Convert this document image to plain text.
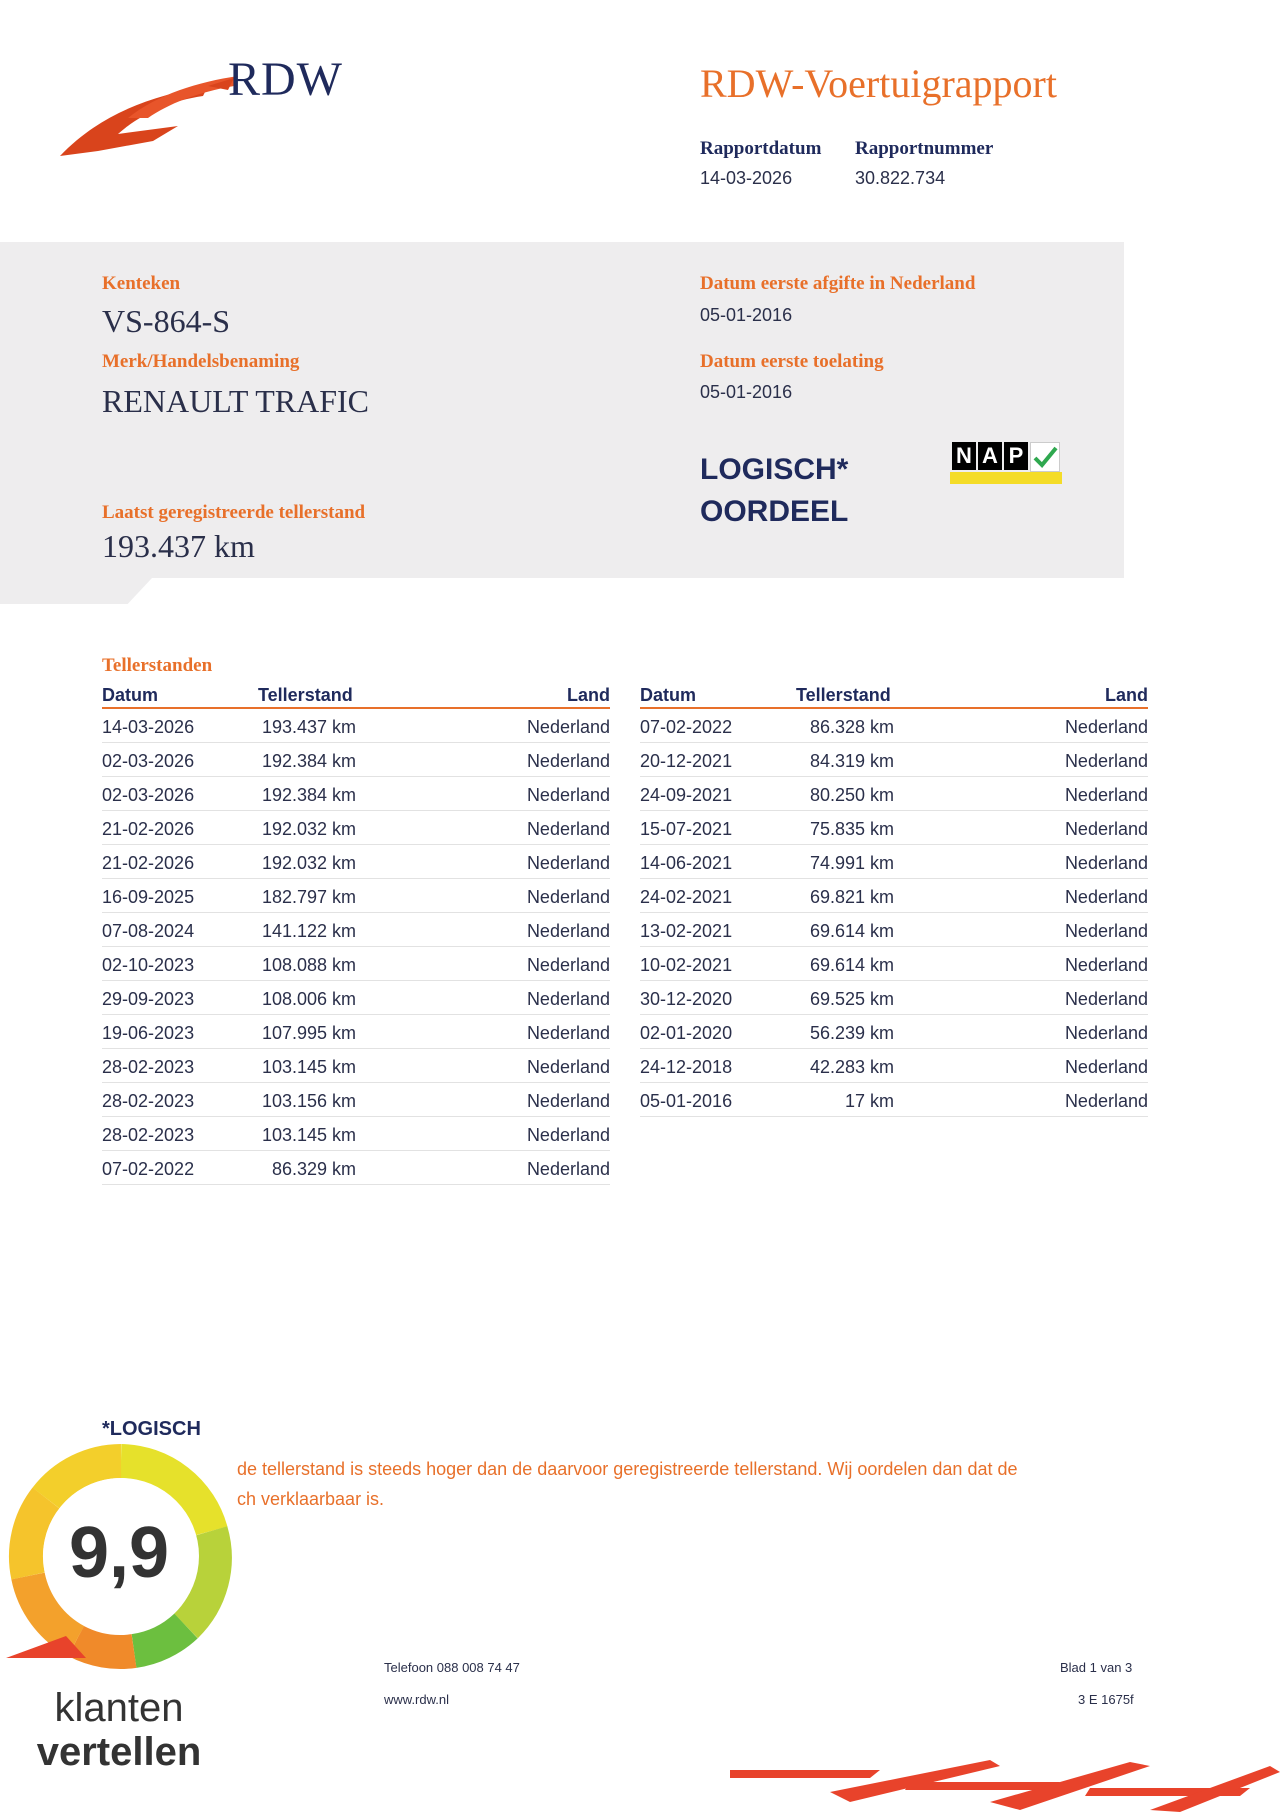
RDW	RDW-Voertuigrapport
Rapportdatum
14-03-2026
Rapportnummer
30.822.734
Kenteken
VS-864-S
Merk/Handelsbenaming
RENAULT TRAFIC
Laatst geregistreerde tellerstand
193.437 km
Datum eerste afgifte in Nederland
05-01-2016
Datum eerste toelating
05-01-2016
LOGISCH*
OORDEEL
N A P
Tellerstanden
Datum	Tellerstand	Land
14-03-2026	193.437 km	Nederland
02-03-2026	192.384 km	Nederland
02-03-2026	192.384 km	Nederland
21-02-2026	192.032 km	Nederland
21-02-2026	192.032 km	Nederland
16-09-2025	182.797 km	Nederland
07-08-2024	141.122 km	Nederland
02-10-2023	108.088 km	Nederland
29-09-2023	108.006 km	Nederland
19-06-2023	107.995 km	Nederland
28-02-2023	103.145 km	Nederland
28-02-2023	103.156 km	Nederland
28-02-2023	103.145 km	Nederland
07-02-2022	86.329 km	Nederland
Datum	Tellerstand	Land
07-02-2022	86.328 km	Nederland
20-12-2021	84.319 km	Nederland
24-09-2021	80.250 km	Nederland
15-07-2021	75.835 km	Nederland
14-06-2021	74.991 km	Nederland
24-02-2021	69.821 km	Nederland
13-02-2021	69.614 km	Nederland
10-02-2021	69.614 km	Nederland
30-12-2020	69.525 km	Nederland
02-01-2020	56.239 km	Nederland
24-12-2018	42.283 km	Nederland
05-01-2016	17 km	Nederland
*LOGISCH
de tellerstand is steeds hoger dan de daarvoor geregistreerde tellerstand. Wij oordelen dan dat de
ch verklaarbaar is.
9,9
klanten
vertellen
Telefoon 088 008 74 47
www.rdw.nl
Blad 1 van 3
3 E 1675f
